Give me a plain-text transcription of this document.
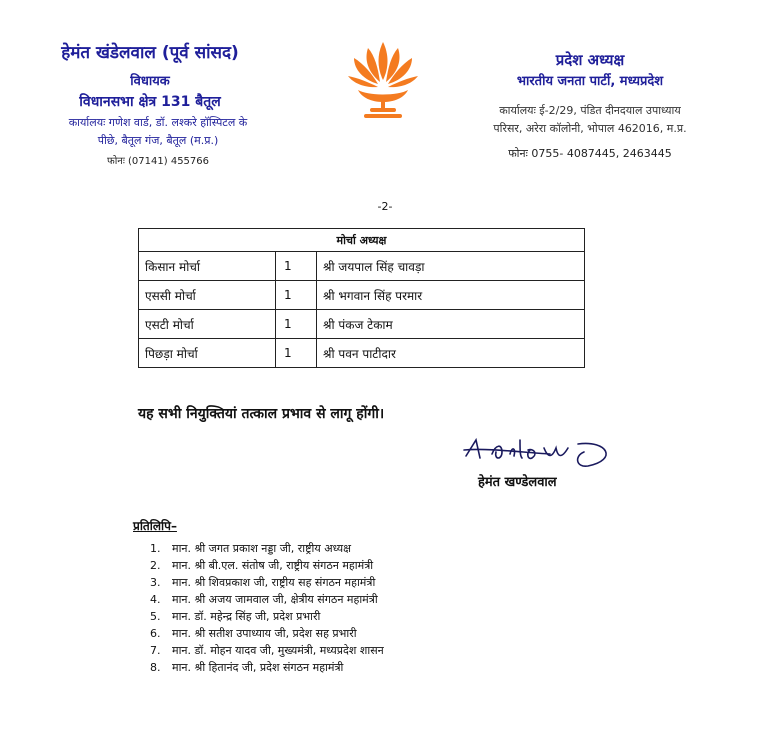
हेमंत खंडेलवाल (पूर्व सांसद)
विधायक
विधानसभा क्षेत्र 131 बैतूल
कार्यालयः गणेश वार्ड, डॉ. लश्करे हॉस्पिटल के
पीछे, बैतूल गंज, बैतूल (म.प्र.)
फोनः (07141) 455766
प्रदेश अध्यक्ष
भारतीय जनता पार्टी, मध्यप्रदेश
कार्यालयः ई-2/29, पंडित दीनदयाल उपाध्याय
परिसर, अरेरा कॉलोनी, भोपाल 462016, म.प्र.
फोनः 0755- 4087445, 2463445
-2-
मोर्चा अध्यक्ष		
किसान मोर्चा	1	श्री जयपाल सिंह चावड़ा
एससी मोर्चा	1	श्री भगवान सिंह परमार
एसटी मोर्चा	1	श्री पंकज टेकाम
पिछड़ा मोर्चा	1	श्री पवन पाटीदार
यह सभी नियुक्तियां तत्काल प्रभाव से लागू होंगी।
हेमंत खण्डेलवाल
प्रतिलिपि–
1. मान. श्री जगत प्रकाश नड्डा जी, राष्ट्रीय अध्यक्ष
2. मान. श्री बी.एल. संतोष जी, राष्ट्रीय संगठन महामंत्री
3. मान. श्री शिवप्रकाश जी, राष्ट्रीय सह संगठन महामंत्री
4. मान. श्री अजय जामवाल जी, क्षेत्रीय संगठन महामंत्री
5. मान. डॉ. महेन्द्र सिंह जी, प्रदेश प्रभारी
6. मान. श्री सतीश उपाध्याय जी, प्रदेश सह प्रभारी
7. मान. डॉ. मोहन यादव जी, मुख्यमंत्री, मध्यप्रदेश शासन
8. मान. श्री हितानंद जी, प्रदेश संगठन महामंत्री
